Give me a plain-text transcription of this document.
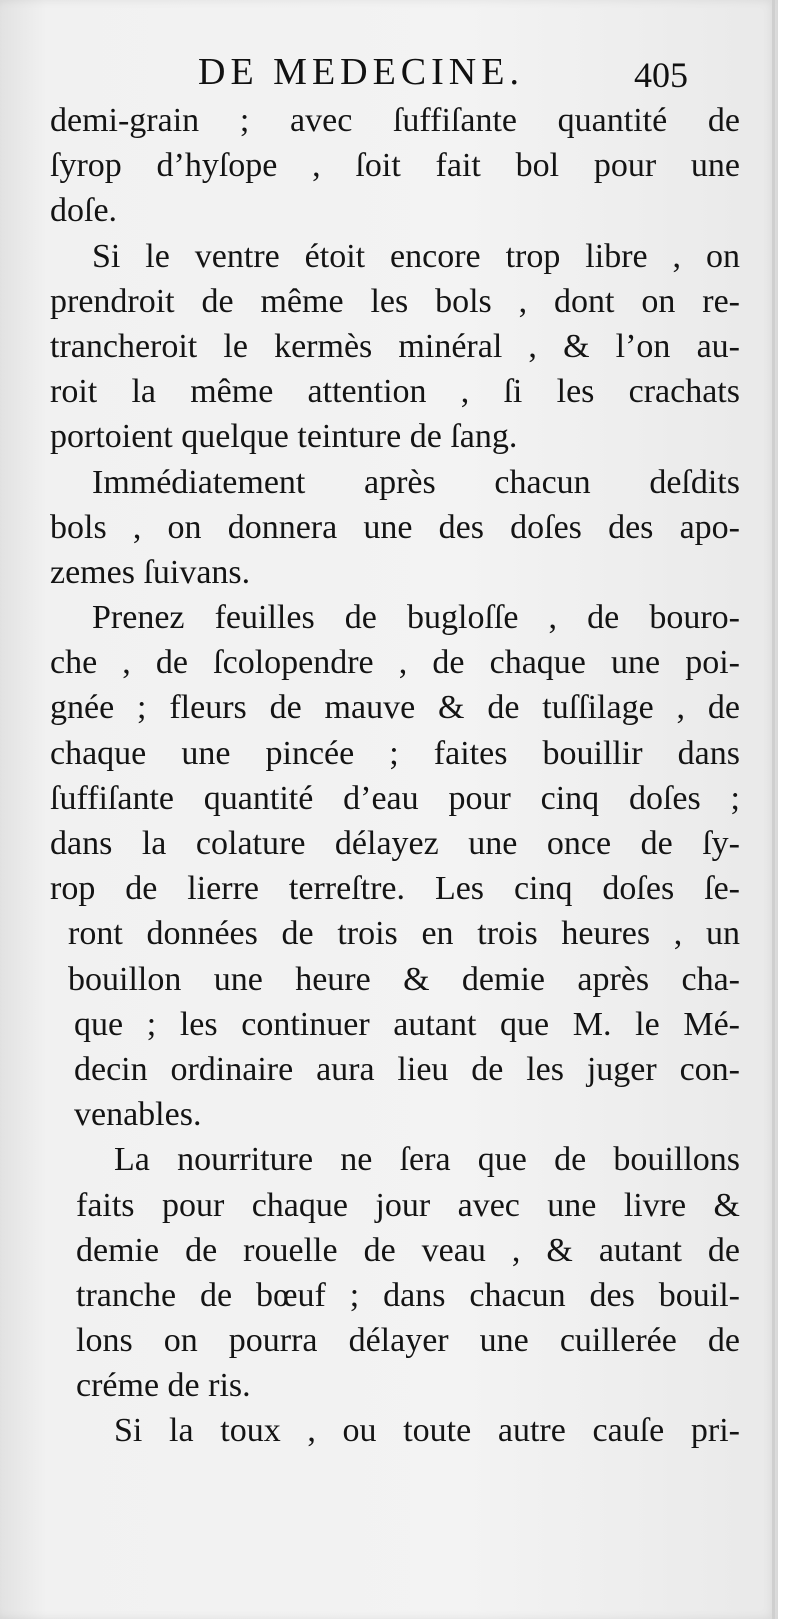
DE MEDECINE.	405
demi-grain ; avec ſuffiſante quantité de
ſyrop d’hyſope , ſoit fait bol pour une
doſe.
Si le ventre étoit encore trop libre , on
prendroit de même les bols , dont on re-
trancheroit le kermès minéral , & l’on au-
roit la même attention , ſi les crachats
portoient quelque teinture de ſang.
Immédiatement après chacun deſdits
bols , on donnera une des doſes des apo-
zemes ſuivans.
Prenez feuilles de bugloſſe , de bouro-
che , de ſcolopendre , de chaque une poi-
gnée ; fleurs de mauve & de tuſſilage , de
chaque une pincée ; faites bouillir dans
ſuffiſante quantité d’eau pour cinq doſes ;
dans la colature délayez une once de ſy-
rop de lierre terreſtre. Les cinq doſes ſe-
ront données de trois en trois heures , un
bouillon une heure & demie après cha-
que ; les continuer autant que M. le Mé-
decin ordinaire aura lieu de les juger con-
venables.
La nourriture ne ſera que de bouillons
faits pour chaque jour avec une livre &
demie de rouelle de veau , & autant de
tranche de bœuf ; dans chacun des bouil-
lons on pourra délayer une cuillerée de
créme de ris.
Si la toux , ou toute autre cauſe pri-
